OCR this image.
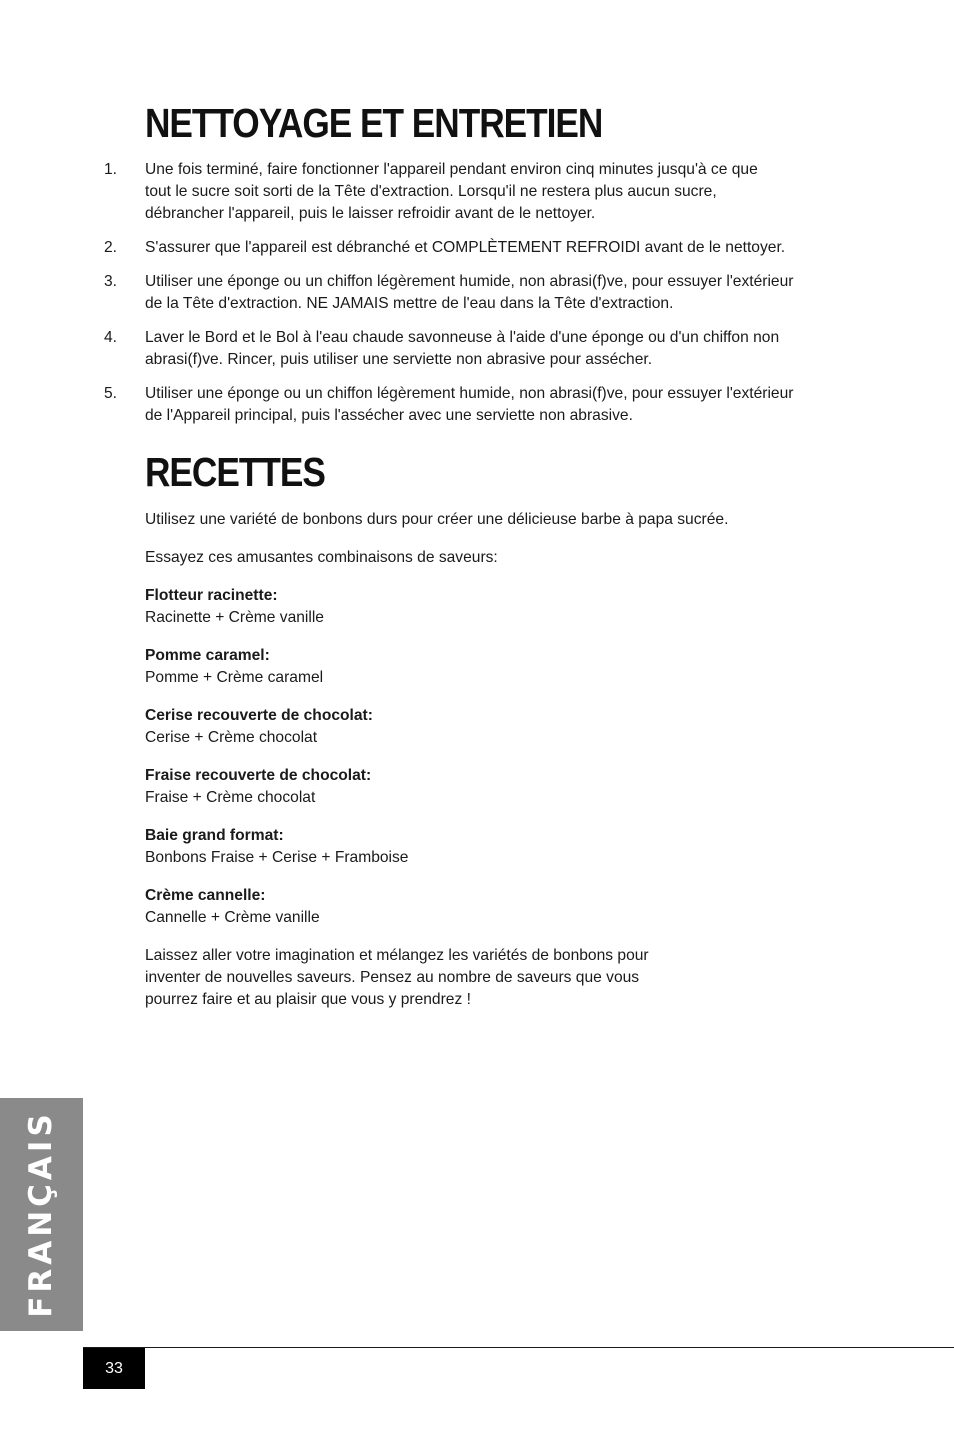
NETTOYAGE ET ENTRETIEN
1. Une fois terminé, faire fonctionner l'appareil pendant environ cinq minutes jusqu'à ce que tout le sucre soit sorti de la Tête d'extraction. Lorsqu'il ne restera plus aucun sucre, débrancher l'appareil, puis le laisser refroidir avant de le nettoyer.
2. S'assurer que l'appareil est débranché et COMPLÈTEMENT REFROIDI avant de le nettoyer.
3. Utiliser une éponge ou un chiffon légèrement humide, non abrasi(f)ve, pour essuyer l'extérieur de la Tête d'extraction. NE JAMAIS mettre de l'eau dans la Tête d'extraction.
4. Laver le Bord et le Bol à l'eau chaude savonneuse à l'aide d'une éponge ou d'un chiffon non abrasi(f)ve. Rincer, puis utiliser une serviette non abrasive pour assécher.
5. Utiliser une éponge ou un chiffon légèrement humide, non abrasi(f)ve, pour essuyer l'extérieur de l'Appareil principal, puis l'assécher avec une serviette non abrasive.
RECETTES

Utilisez une variété de bonbons durs pour créer une délicieuse barbe à papa sucrée.

Essayez ces amusantes combinaisons de saveurs:

Flotteur racinette:
Racinette + Crème vanille
Pomme caramel:
Pomme + Crème caramel
Cerise recouverte de chocolat:
Cerise + Crème chocolat
Fraise recouverte de chocolat:
Fraise + Crème chocolat
Baie grand format:
Bonbons Fraise + Cerise + Framboise
Crème cannelle:
Cannelle + Crème vanille

Laissez aller votre imagination et mélangez les variétés de bonbons pour inventer de nouvelles saveurs. Pensez au nombre de saveurs que vous pourrez faire et au plaisir que vous y prendrez !

FRANÇAIS
33
